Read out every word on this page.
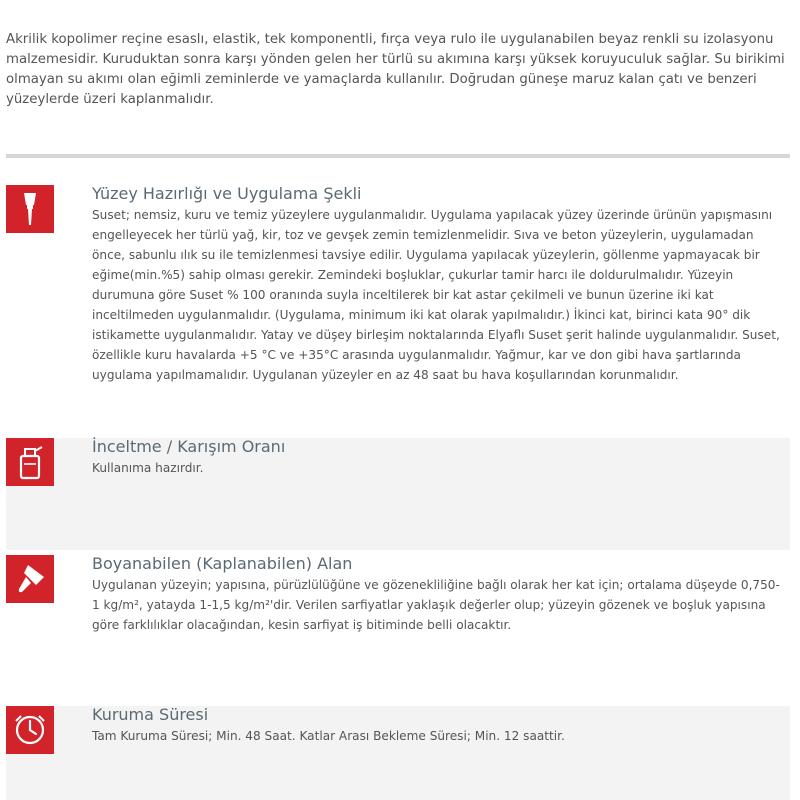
Akrilik kopolimer reçine esaslı, elastik, tek komponentli, fırça veya rulo ile uygulanabilen beyaz renkli su izolasyonu malzemesidir. Kuruduktan sonra karşı yönden gelen her türlü su akımına karşı yüksek koruyuculuk sağlar. Su birikimi olmayan su akımı olan eğimli zeminlerde ve yamaçlarda kullanılır. Doğrudan güneşe maruz kalan çatı ve benzeri yüzeylerde üzeri kaplanmalıdır.

Yüzey Hazırlığı ve Uygulama Şekli

Suset; nemsiz, kuru ve temiz yüzeylere uygulanmalıdır. Uygulama yapılacak yüzey üzerinde ürünün yapışmasını engelleyecek her türlü yağ, kir, toz ve gevşek zemin temizlenmelidir. Sıva ve beton yüzeylerin, uygulamadan önce, sabunlu ılık su ile temizlenmesi tavsiye edilir. Uygulama yapılacak yüzeylerin, göllenme yapmayacak bir eğime(min.%5) sahip olması gerekir. Zemindeki boşluklar, çukurlar tamir harcı ile doldurulmalıdır. Yüzeyin durumuna göre Suset % 100 oranında suyla inceltilerek bir kat astar çekilmeli ve bunun üzerine iki kat inceltilmeden uygulanmalıdır. (Uygulama, minimum iki kat olarak yapılmalıdır.) İkinci kat, birinci kata 90° dik istikamette uygulanmalıdır. Yatay ve düşey birleşim noktalarında Elyaflı Suset şerit halinde uygulanmalıdır. Suset, özellikle kuru havalarda +5 °C ve +35°C arasında uygulanmalıdır. Yağmur, kar ve don gibi hava şartlarında uygulama yapılmamalıdır. Uygulanan yüzeyler en az 48 saat bu hava koşullarından korunmalıdır.

İnceltme / Karışım Oranı

Kullanıma hazırdır.

Boyanabilen (Kaplanabilen) Alan

Uygulanan yüzeyin; yapısına, pürüzlülüğüne ve gözenekliliğine bağlı olarak her kat için; ortalama düşeyde 0,750-1 kg/m², yatayda 1-1,5 kg/m²'dir. Verilen sarfiyatlar yaklaşık değerler olup; yüzeyin gözenek ve boşluk yapısına göre farklılıklar olacağından, kesin sarfiyat iş bitiminde belli olacaktır.

Kuruma Süresi

Tam Kuruma Süresi; Min. 48 Saat. Katlar Arası Bekleme Süresi; Min. 12 saattir.
